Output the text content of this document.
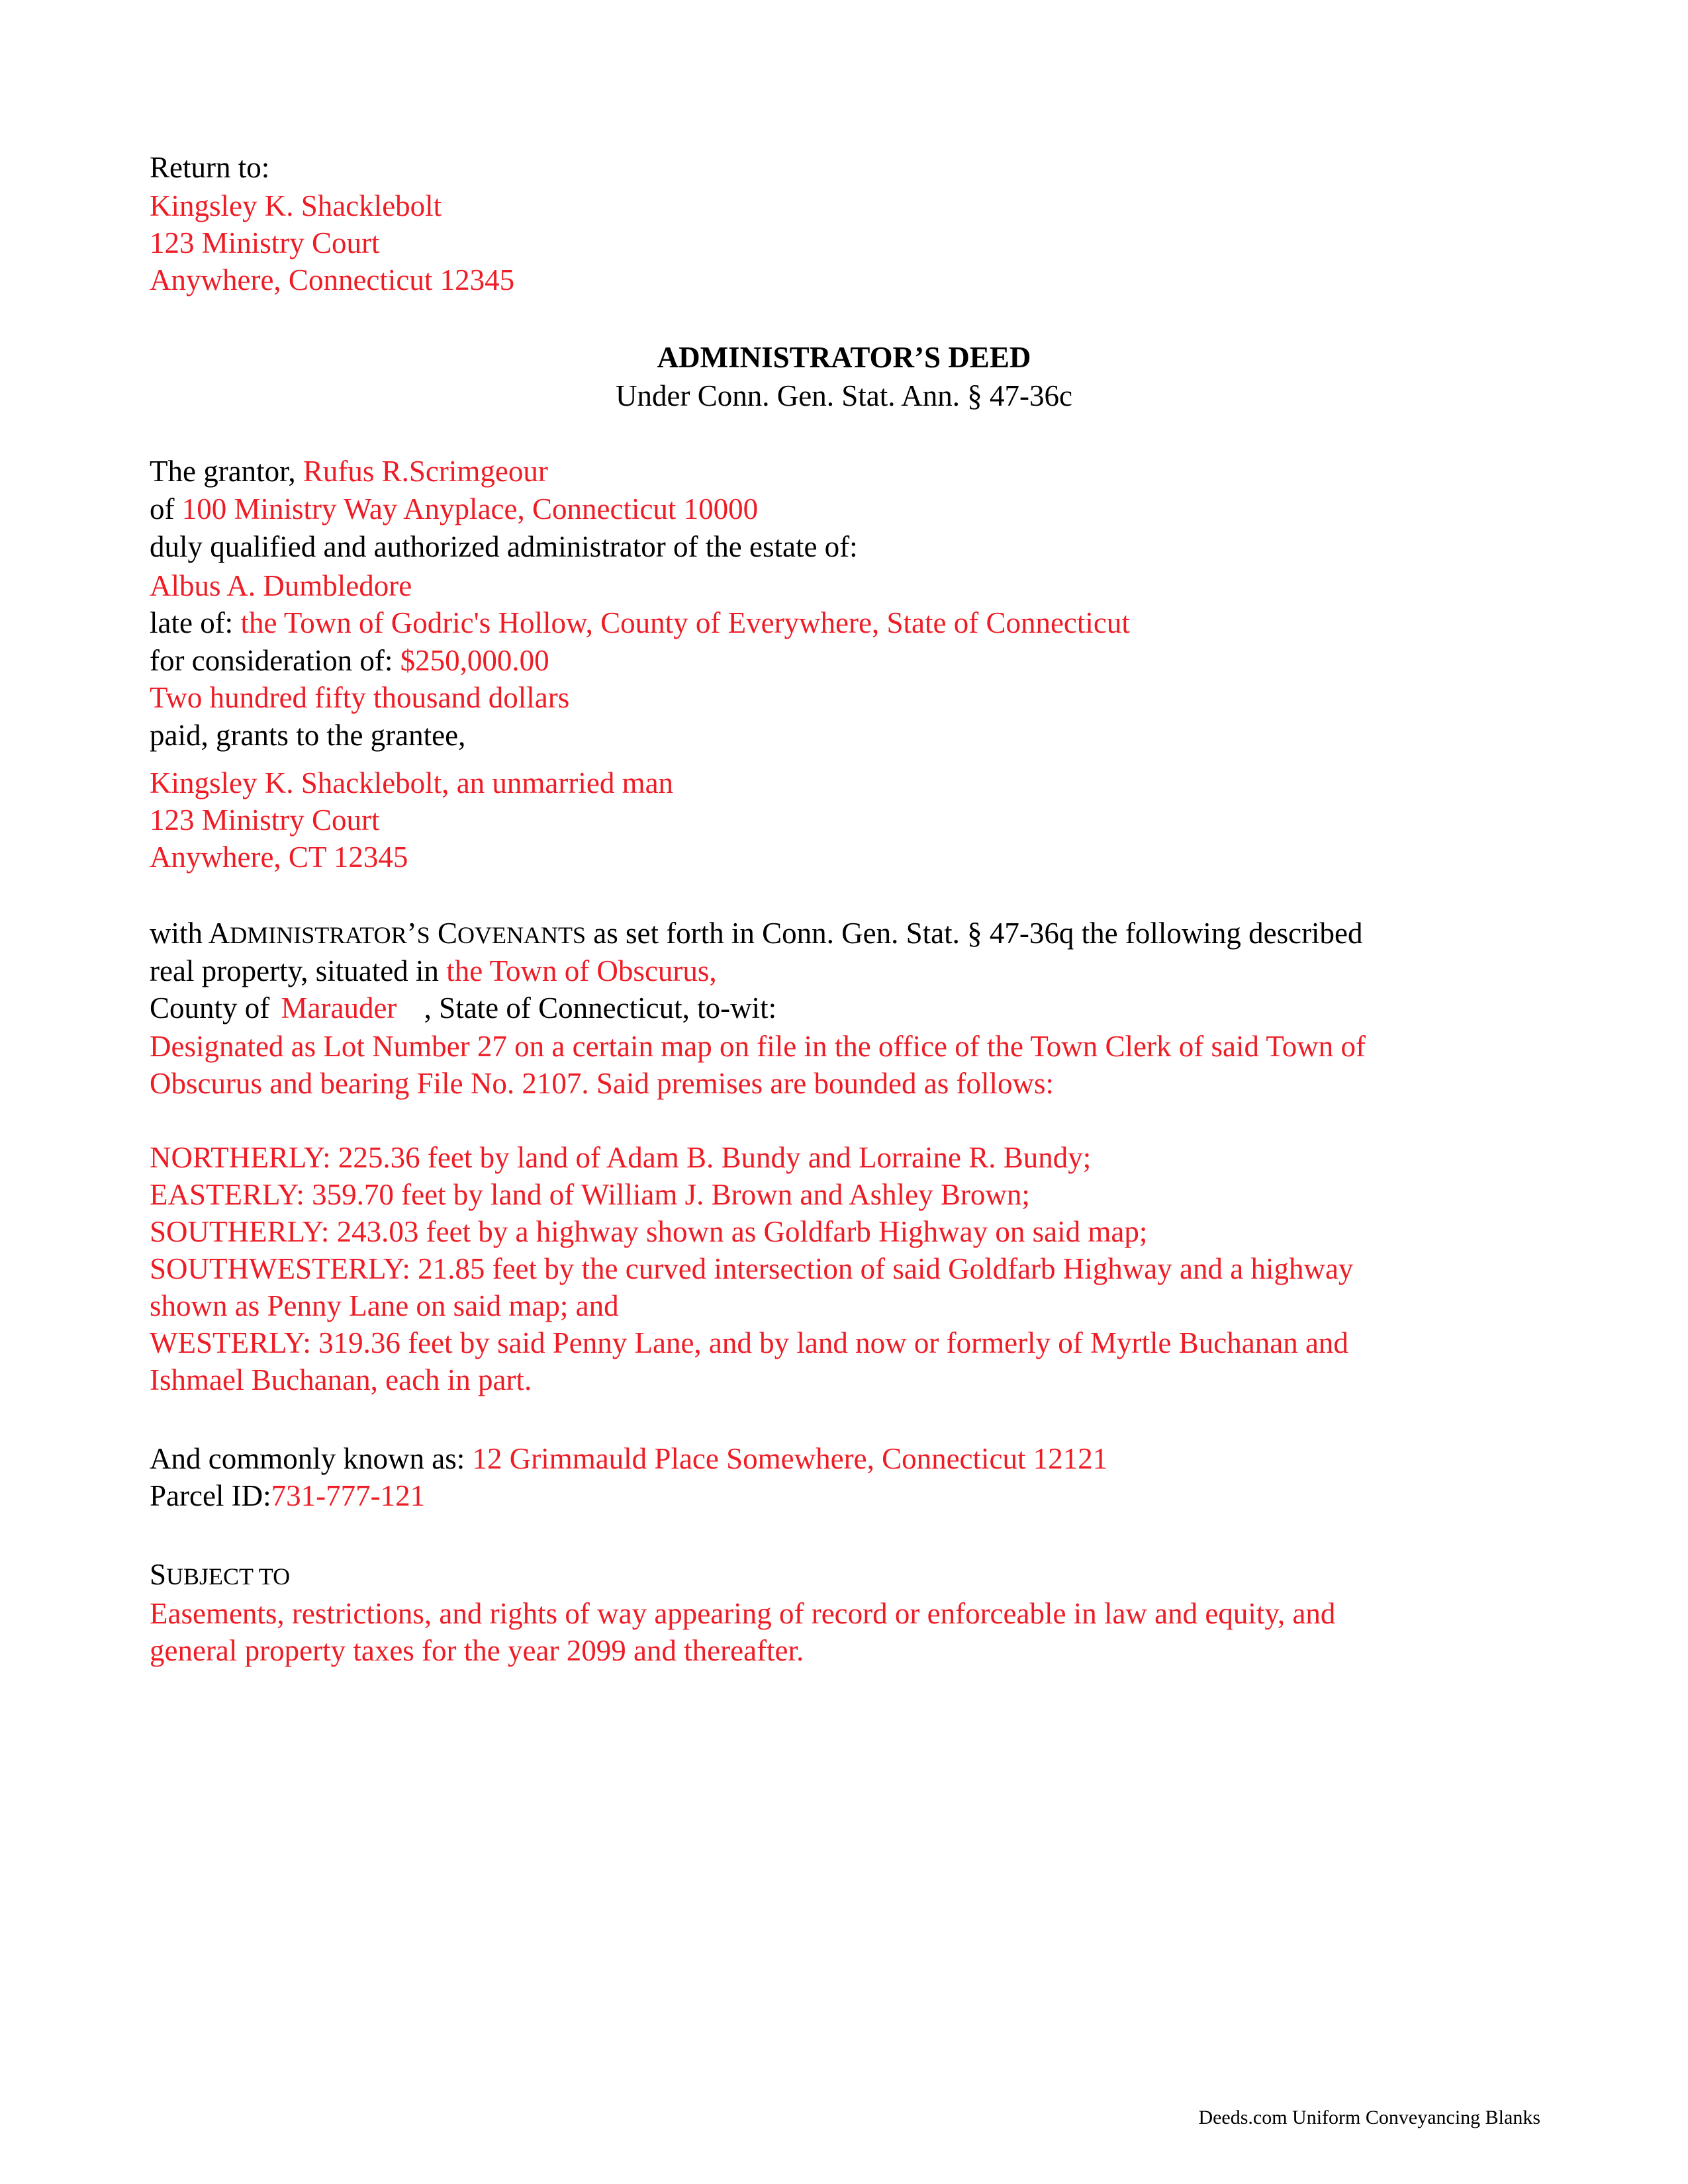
Return to:
Kingsley K. Shacklebolt
123 Ministry Court
Anywhere, Connecticut 12345
ADMINISTRATOR’S DEED
Under Conn. Gen. Stat. Ann. § 47-36c
The grantor, Rufus R.Scrimgeour
of 100 Ministry Way Anyplace, Connecticut 10000
duly qualified and authorized administrator of the estate of:
Albus A. Dumbledore
late of: the Town of Godric's Hollow, County of Everywhere, State of Connecticut
for consideration of: $250,000.00
Two hundred fifty thousand dollars
paid, grants to the grantee,
Kingsley K. Shacklebolt, an unmarried man
123 Ministry Court
Anywhere, CT 12345
with ADMINISTRATOR’S COVENANTS as set forth in Conn. Gen. Stat. § 47-36q the following described
real property, situated in the Town of Obscurus,
County of Marauder , State of Connecticut, to-wit:
Designated as Lot Number 27 on a certain map on file in the office of the Town Clerk of said Town of
Obscurus and bearing File No. 2107. Said premises are bounded as follows:
NORTHERLY: 225.36 feet by land of Adam B. Bundy and Lorraine R. Bundy;
EASTERLY: 359.70 feet by land of William J. Brown and Ashley Brown;
SOUTHERLY: 243.03 feet by a highway shown as Goldfarb Highway on said map;
SOUTHWESTERLY: 21.85 feet by the curved intersection of said Goldfarb Highway and a highway
shown as Penny Lane on said map; and
WESTERLY: 319.36 feet by said Penny Lane, and by land now or formerly of Myrtle Buchanan and
Ishmael Buchanan, each in part.
And commonly known as: 12 Grimmauld Place Somewhere, Connecticut 12121
Parcel ID:731-777-121
SUBJECT TO
Easements, restrictions, and rights of way appearing of record or enforceable in law and equity, and
general property taxes for the year 2099 and thereafter.
Deeds.com Uniform Conveyancing Blanks
